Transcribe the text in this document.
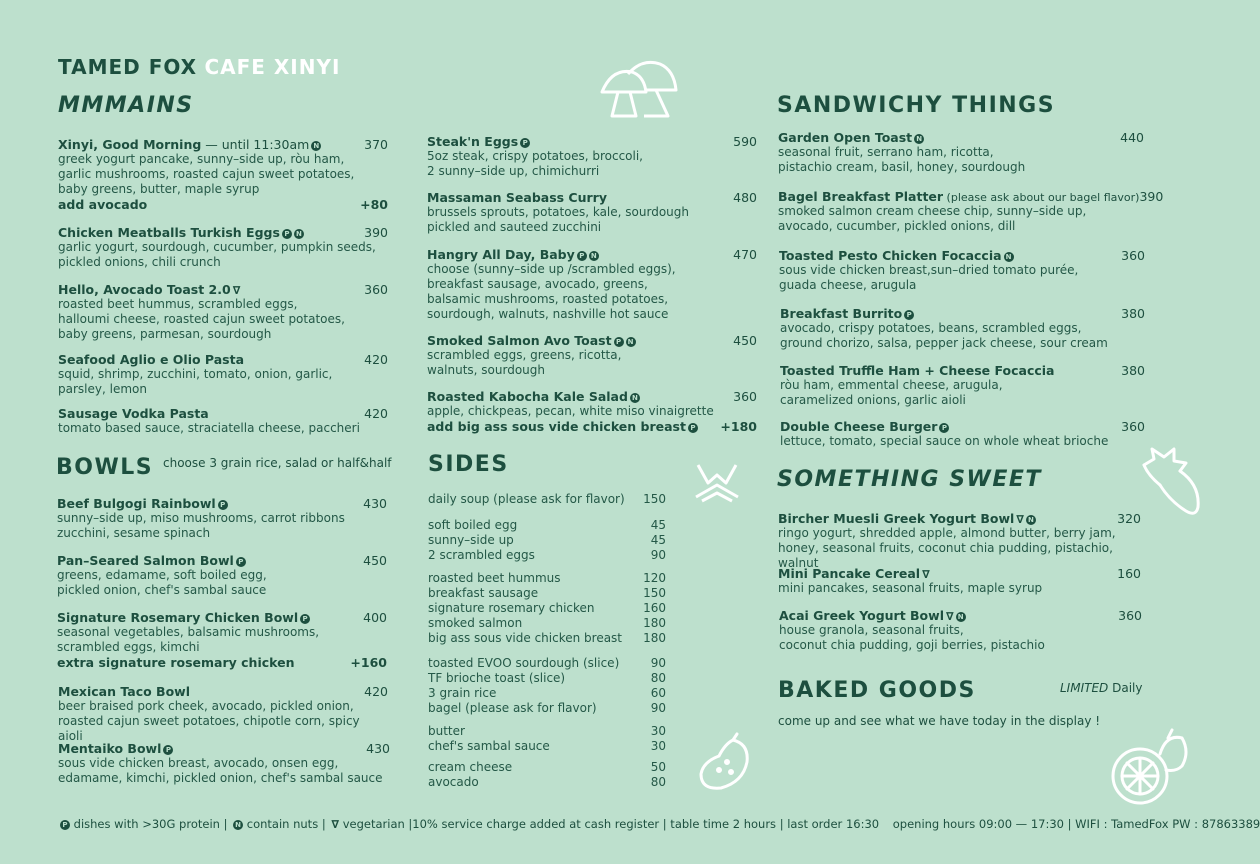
TAMED FOX CAFE XINYI
MMMAINS
Xinyi, Good Morning — until 11:30am N	370
greek yogurt pancake, sunny–side up, ròu ham,
garlic mushrooms, roasted cajun sweet potatoes,
baby greens, butter, maple syrup
add avocado	+80
Chicken Meatballs Turkish Eggs P N	390
garlic yogurt, sourdough, cucumber, pumpkin seeds,
pickled onions, chili crunch
Hello, Avocado Toast 2.0 ∇	360
roasted beet hummus, scrambled eggs,
halloumi cheese, roasted cajun sweet potatoes,
baby greens, parmesan, sourdough
Seafood Aglio e Olio Pasta	420
squid, shrimp, zucchini, tomato, onion, garlic,
parsley, lemon
Sausage Vodka Pasta	420
tomato based sauce, straciatella cheese, paccheri
BOWLS choose 3 grain rice, salad or half&half
Beef Bulgogi Rainbowl P	430
sunny–side up, miso mushrooms, carrot ribbons
zucchini, sesame spinach
Pan–Seared Salmon Bowl P	450
greens, edamame, soft boiled egg,
pickled onion, chef's sambal sauce
Signature Rosemary Chicken Bowl P	400
seasonal vegetables, balsamic mushrooms,
scrambled eggs, kimchi
extra signature rosemary chicken	+160
Mexican Taco Bowl	420
beer braised pork cheek, avocado, pickled onion,
roasted cajun sweet potatoes, chipotle corn, spicy aioli
Mentaiko Bowl P	430
sous vide chicken breast, avocado, onsen egg,
edamame, kimchi, pickled onion, chef's sambal sauce
Steak'n Eggs P	590
5oz steak, crispy potatoes, broccoli,
2 sunny–side up, chimichurri
Massaman Seabass Curry	480
brussels sprouts, potatoes, kale, sourdough
pickled and sauteed zucchini
Hangry All Day, Baby P N	470
choose (sunny–side up /scrambled eggs),
breakfast sausage, avocado, greens,
balsamic mushrooms, roasted potatoes,
sourdough, walnuts, nashville hot sauce
Smoked Salmon Avo Toast P N	450
scrambled eggs, greens, ricotta,
walnuts, sourdough
Roasted Kabocha Kale Salad N	360
apple, chickpeas, pecan, white miso vinaigrette
add big ass sous vide chicken breast P +180
SIDES
daily soup (please ask for flavor) 150
soft boiled egg	45
sunny–side up	45
2 scrambled eggs	90
roasted beet hummus	120
breakfast sausage	150
signature rosemary chicken	160
smoked salmon	180
big ass sous vide chicken breast 180
toasted EVOO sourdough (slice)	90
TF brioche toast (slice)	80
3 grain rice	60
bagel (please ask for flavor)	90
butter	30
chef's sambal sauce	30
cream cheese	50
avocado	80
SANDWICHY THINGS
Garden Open Toast N	440
seasonal fruit, serrano ham, ricotta,
pistachio cream, basil, honey, sourdough
Bagel Breakfast Platter (please ask about our bagel flavor) 390
smoked salmon cream cheese chip, sunny–side up,
avocado, cucumber, pickled onions, dill
Toasted Pesto Chicken Focaccia N	360
sous vide chicken breast,sun–dried tomato purée,
guada cheese, arugula
Breakfast Burrito P	380
avocado, crispy potatoes, beans, scrambled eggs,
ground chorizo, salsa, pepper jack cheese, sour cream
Toasted Truffle Ham + Cheese Focaccia	380
ròu ham, emmental cheese, arugula,
caramelized onions, garlic aioli
Double Cheese Burger P	360
lettuce, tomato, special sauce on whole wheat brioche
SOMETHING SWEET
Bircher Muesli Greek Yogurt Bowl ∇ N	320
ringo yogurt, shredded apple, almond butter, berry jam,
honey, seasonal fruits, coconut chia pudding, pistachio, walnut
Mini Pancake Cereal ∇	160
mini pancakes, seasonal fruits, maple syrup
Acai Greek Yogurt Bowl ∇ N	360
house granola, seasonal fruits,
coconut chia pudding, goji berries, pistachio
BAKED GOODS	LIMITED Daily
come up and see what we have today in the display !
P dishes with >30G protein | N contain nuts | ∇ vegetarian |10% service charge added at cash register | table time 2 hours | last order 16:30 opening hours 09:00 — 17:30 | WIFI : TamedFox PW : 87863389
